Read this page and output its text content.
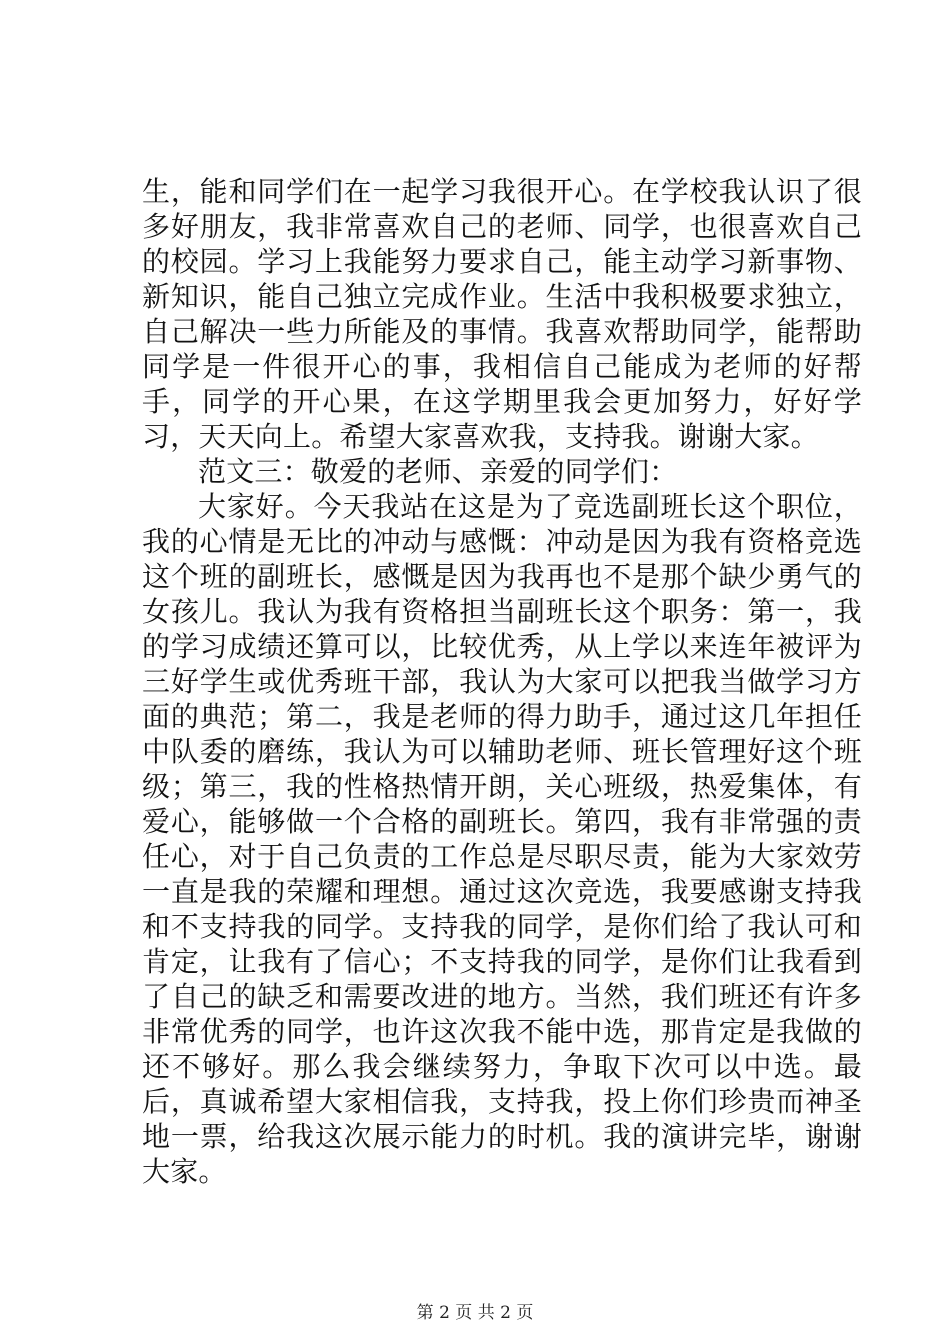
生，能和同学们在一起学习我很开心。在学校我认识了很多好朋友，我非常喜欢自己的老师、同学，也很喜欢自己的校园。学习上我能努力要求自己，能主动学习新事物、新知识，能自己独立完成作业。生活中我积极要求独立，自己解决一些力所能及的事情。我喜欢帮助同学，能帮助同学是一件很开心的事，我相信自己能成为老师的好帮手，同学的开心果，在这学期里我会更加努力，好好学习，天天向上。希望大家喜欢我，支持我。谢谢大家。

范文三：敬爱的老师、亲爱的同学们：

大家好。今天我站在这是为了竞选副班长这个职位，我的心情是无比的冲动与感慨：冲动是因为我有资格竞选这个班的副班长，感慨是因为我再也不是那个缺少勇气的女孩儿。我认为我有资格担当副班长这个职务：第一，我的学习成绩还算可以，比较优秀，从上学以来连年被评为三好学生或优秀班干部，我认为大家可以把我当做学习方面的典范；第二，我是老师的得力助手，通过这几年担任中队委的磨练，我认为可以辅助老师、班长管理好这个班级；第三，我的性格热情开朗，关心班级，热爱集体，有爱心，能够做一个合格的副班长。第四，我有非常强的责任心，对于自己负责的工作总是尽职尽责，能为大家效劳一直是我的荣耀和理想。通过这次竞选，我要感谢支持我和不支持我的同学。支持我的同学，是你们给了我认可和肯定，让我有了信心；不支持我的同学，是你们让我看到了自己的缺乏和需要改进的地方。当然，我们班还有许多非常优秀的同学，也许这次我不能中选，那肯定是我做的还不够好。那么我会继续努力，争取下次可以中选。最后，真诚希望大家相信我，支持我，投上你们珍贵而神圣地一票，给我这次展示能力的时机。我的演讲完毕，谢谢大家。

第 2 页 共 2 页
